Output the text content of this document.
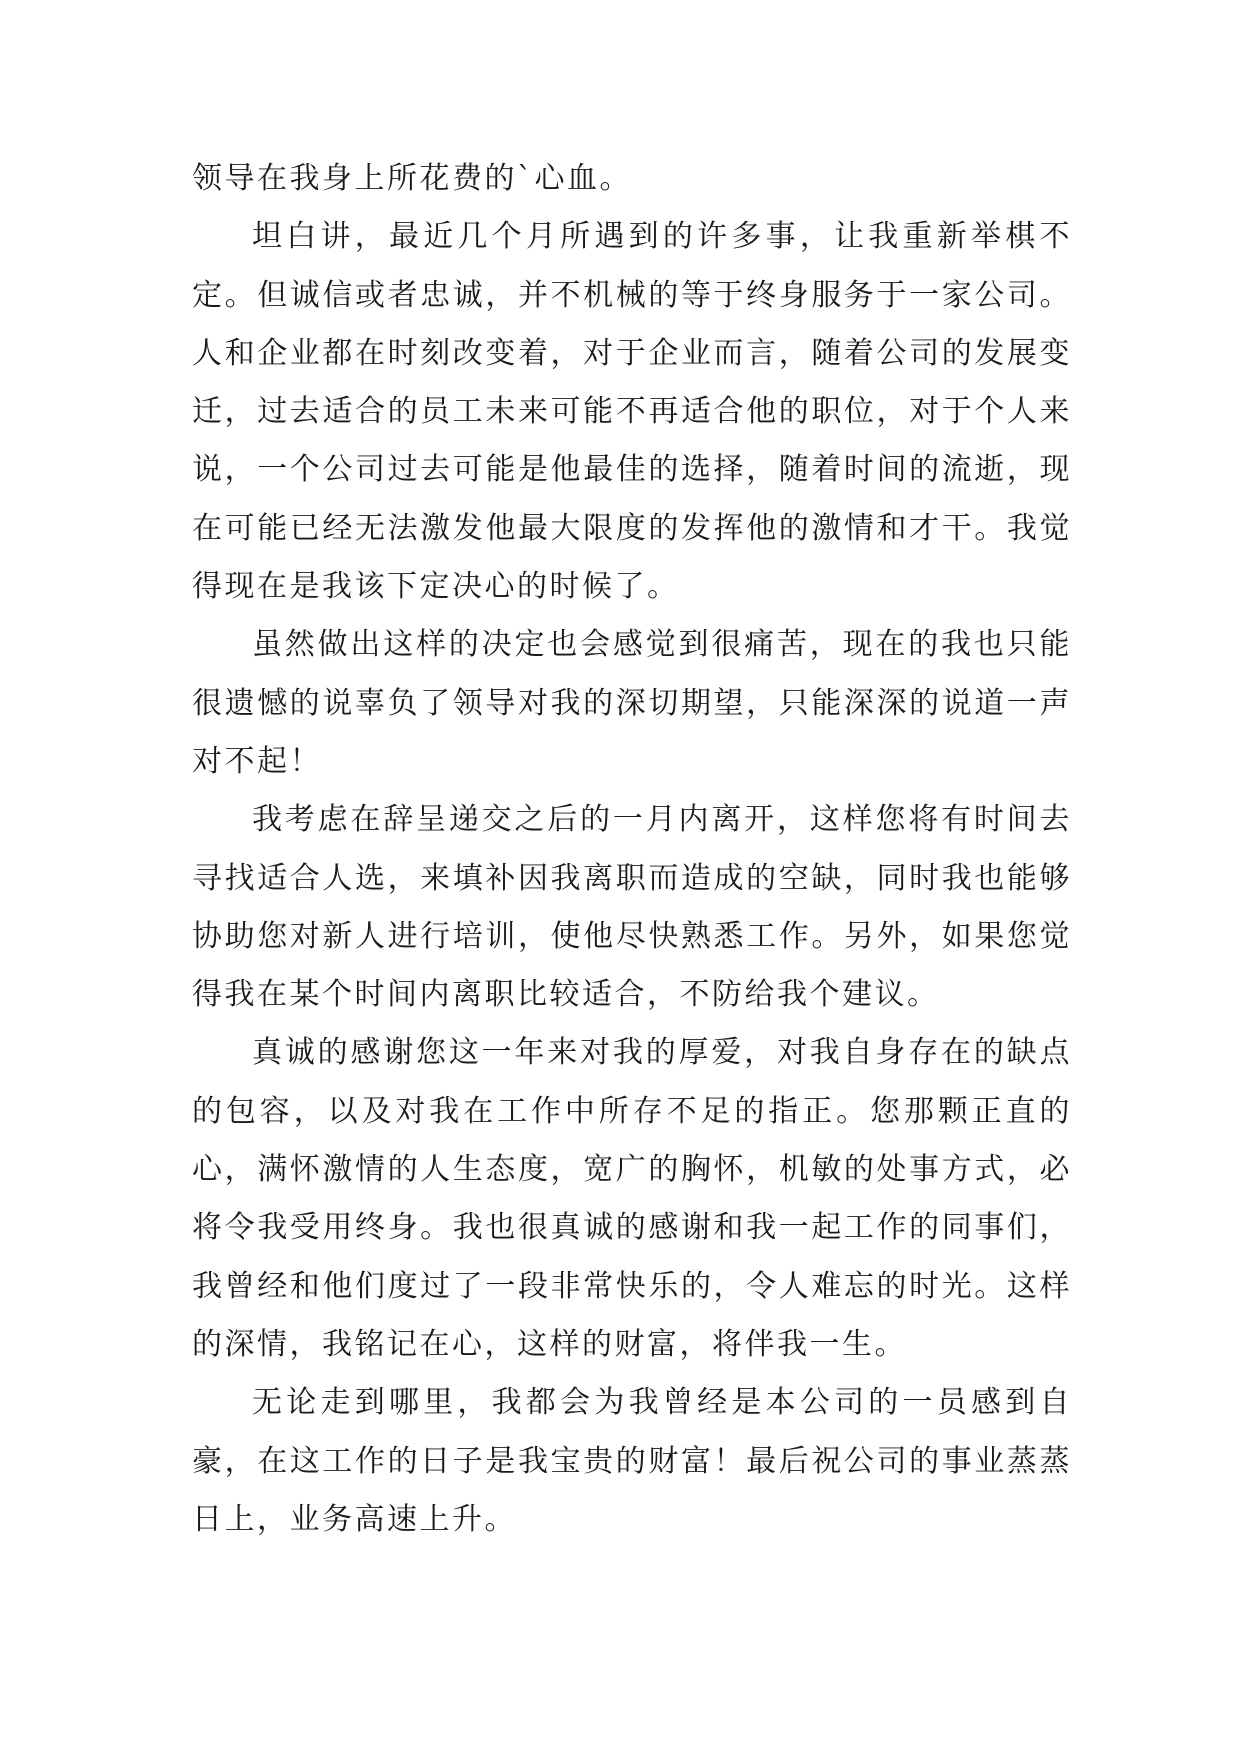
领导在我身上所花费的`心血。

坦白讲，最近几个月所遇到的许多事，让我重新举棋不定。但诚信或者忠诚，并不机械的等于终身服务于一家公司。人和企业都在时刻改变着，对于企业而言，随着公司的发展变迁，过去适合的员工未来可能不再适合他的职位，对于个人来说，一个公司过去可能是他最佳的选择，随着时间的流逝，现在可能已经无法激发他最大限度的发挥他的激情和才干。我觉得现在是我该下定决心的时候了。

虽然做出这样的决定也会感觉到很痛苦，现在的我也只能很遗憾的说辜负了领导对我的深切期望，只能深深的说道一声对不起！

我考虑在辞呈递交之后的一月内离开，这样您将有时间去寻找适合人选，来填补因我离职而造成的空缺，同时我也能够协助您对新人进行培训，使他尽快熟悉工作。另外，如果您觉得我在某个时间内离职比较适合，不防给我个建议。

真诚的感谢您这一年来对我的厚爱，对我自身存在的缺点的包容，以及对我在工作中所存不足的指正。您那颗正直的心，满怀激情的人生态度，宽广的胸怀，机敏的处事方式，必将令我受用终身。我也很真诚的感谢和我一起工作的同事们，我曾经和他们度过了一段非常快乐的，令人难忘的时光。这样的深情，我铭记在心，这样的财富，将伴我一生。

无论走到哪里，我都会为我曾经是本公司的一员感到自豪，在这工作的日子是我宝贵的财富！最后祝公司的事业蒸蒸日上，业务高速上升。
